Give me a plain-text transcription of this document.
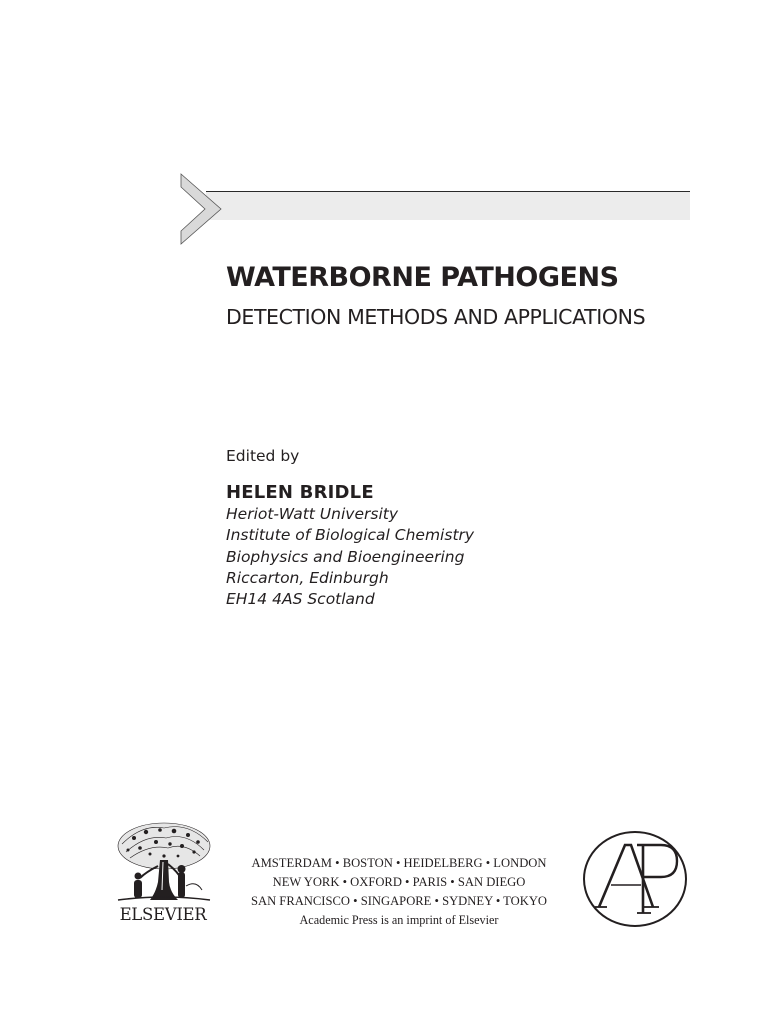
WATERBORNE PATHOGENS
DETECTION METHODS AND APPLICATIONS
Edited by
HELEN BRIDLE
Heriot-Watt University
Institute of Biological Chemistry
Biophysics and Bioengineering
Riccarton, Edinburgh
EH14 4AS Scotland
ELSEVIER
AMSTERDAM • BOSTON • HEIDELBERG • LONDON
NEW YORK • OXFORD • PARIS • SAN DIEGO
SAN FRANCISCO • SINGAPORE • SYDNEY • TOKYO
Academic Press is an imprint of Elsevier
